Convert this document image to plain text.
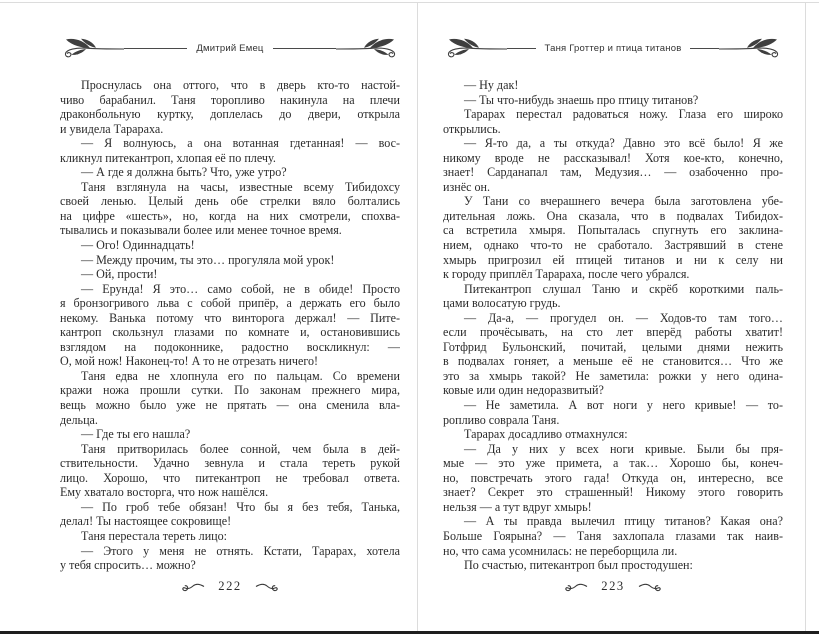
Дмитрий Емец
Проснулась она оттого, что в дверь кто-то настой-
чиво барабанил. Таня торопливо накинула на плечи
драконбольную куртку, доплелась до двери, открыла
и увидела Тарараха.
— Я волнуюсь, а она вотанная гдетанная! — вос-
кликнул питекантроп, хлопая её по плечу.
— А где я должна быть? Что, уже утро?
Таня взглянула на часы, известные всему Тибидохсу
своей ленью. Целый день обе стрелки вяло болтались
на цифре «шесть», но, когда на них смотрели, спохва-
тывались и показывали более или менее точное время.
— Ого! Одиннадцать!
— Между прочим, ты это… прогуляла мой урок!
— Ой, прости!
— Ерунда! Я это… само собой, не в обиде! Просто
я бронзогривого льва с собой припёр, а держать его было
некому. Ванька потому что винторога держал! — Пите-
кантроп скользнул глазами по комнате и, остановившись
взглядом на подоконнике, радостно воскликнул: —
О, мой нож! Наконец-то! А то не отрезать ничего!
Таня едва не хлопнула его по пальцам. Со времени
кражи ножа прошли сутки. По законам прежнего мира,
вещь можно было уже не прятать — она сменила вла-
дельца.
— Где ты его нашла?
Таня притворилась более сонной, чем была в дей-
ствительности. Удачно зевнула и стала тереть рукой
лицо. Хорошо, что питекантроп не требовал ответа.
Ему хватало восторга, что нож нашёлся.
— По гроб тебе обязан! Что бы я без тебя, Танька,
делал! Ты настоящее сокровище!
Таня перестала тереть лицо:
— Этого у меня не отнять. Кстати, Тарарах, хотела
у тебя спросить… можно?
222
Таня Гроттер и птица титанов
— Ну дак!
— Ты что-нибудь знаешь про птицу титанов?
Тарарах перестал радоваться ножу. Глаза его широко
открылись.
— Я-то да, а ты откуда? Давно это всё было! Я же
никому вроде не рассказывал! Хотя кое-кто, конечно,
знает! Сарданапал там, Медузия… — озабоченно про-
изнёс он.
У Тани со вчерашнего вечера была заготовлена убе-
дительная ложь. Она сказала, что в подвалах Тибидох-
са встретила хмыря. Попыталась спугнуть его заклина-
нием, однако что-то не сработало. Застрявший в стене
хмырь пригрозил ей птицей титанов и ни к селу ни
к городу приплёл Тарараха, после чего убрался.
Питекантроп слушал Таню и скрёб короткими паль-
цами волосатую грудь.
— Да-а, — прогудел он. — Ходов-то там того…
если прочёсывать, на сто лет вперёд работы хватит!
Готфрид Бульонский, почитай, целыми днями нежить
в подвалах гоняет, а меньше её не становится… Что же
это за хмырь такой? Не заметила: рожки у него одина-
ковые или один недоразвитый?
— Не заметила. А вот ноги у него кривые! — то-
ропливо соврала Таня.
Тарарах досадливо отмахнулся:
— Да у них у всех ноги кривые. Были бы пря-
мые — это уже примета, а так… Хорошо бы, конеч-
но, повстречать этого гада! Откуда он, интересно, все
знает? Секрет это страшенный! Никому этого говорить
нельзя — а тут вдруг хмырь!
— А ты правда вылечил птицу титанов? Какая она?
Больше Гоярына? — Таня захлопала глазами так наив-
но, что сама усомнилась: не переборщила ли.
По счастью, питекантроп был простодушен:
223
